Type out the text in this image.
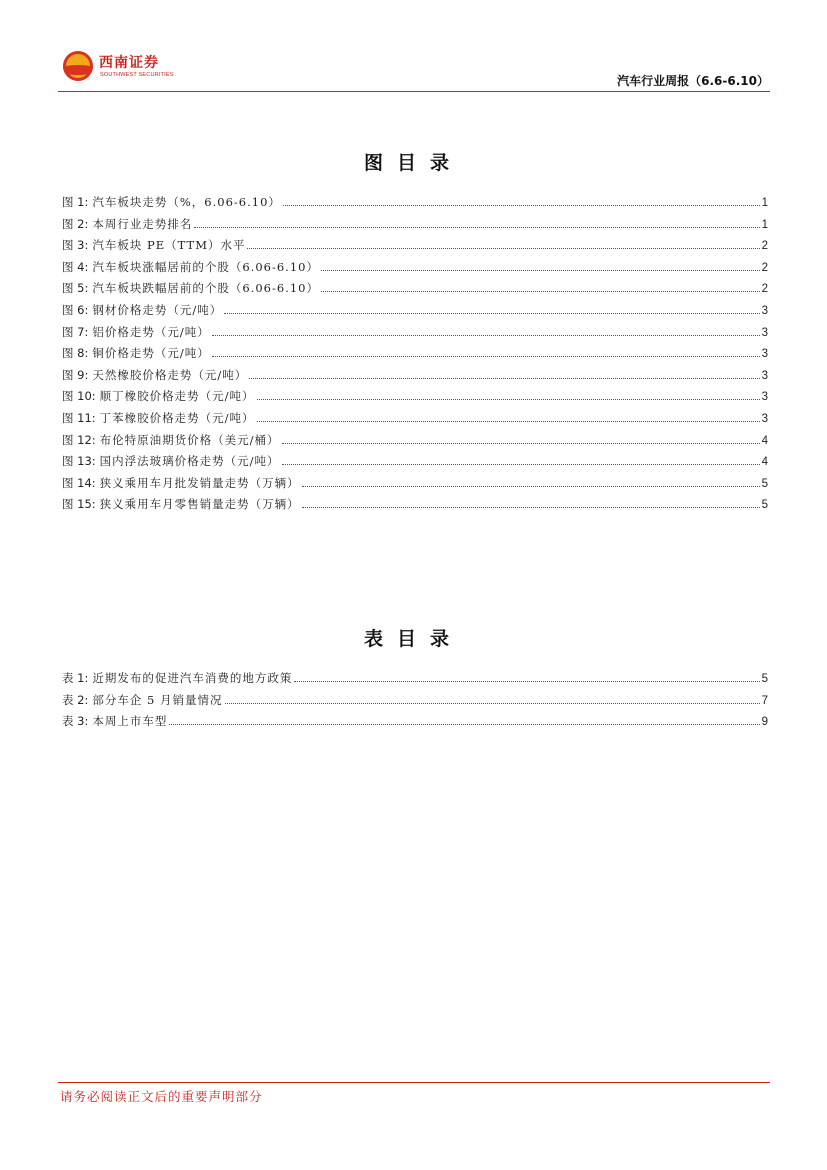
西南证券
SOUTHWEST SECURITIES	汽车行业周报（6.6-6.10）
图目录
图 1: 汽车板块走势（%，6.06-6.10）	1
图 2: 本周行业走势排名	1
图 3: 汽车板块 PE（TTM）水平	2
图 4: 汽车板块涨幅居前的个股（6.06-6.10）	2
图 5: 汽车板块跌幅居前的个股（6.06-6.10）	2
图 6: 钢材价格走势（元/吨）	3
图 7: 铝价格走势（元/吨）	3
图 8: 铜价格走势（元/吨）	3
图 9: 天然橡胶价格走势（元/吨）	3
图 10: 顺丁橡胶价格走势（元/吨）	3
图 11: 丁苯橡胶价格走势（元/吨）	3
图 12: 布伦特原油期货价格（美元/桶）	4
图 13: 国内浮法玻璃价格走势（元/吨）	4
图 14: 狭义乘用车月批发销量走势（万辆）	5
图 15: 狭义乘用车月零售销量走势（万辆）	5
表目录
表 1: 近期发布的促进汽车消费的地方政策	5
表 2: 部分车企 5 月销量情况	7
表 3: 本周上市车型	9
请务必阅读正文后的重要声明部分
